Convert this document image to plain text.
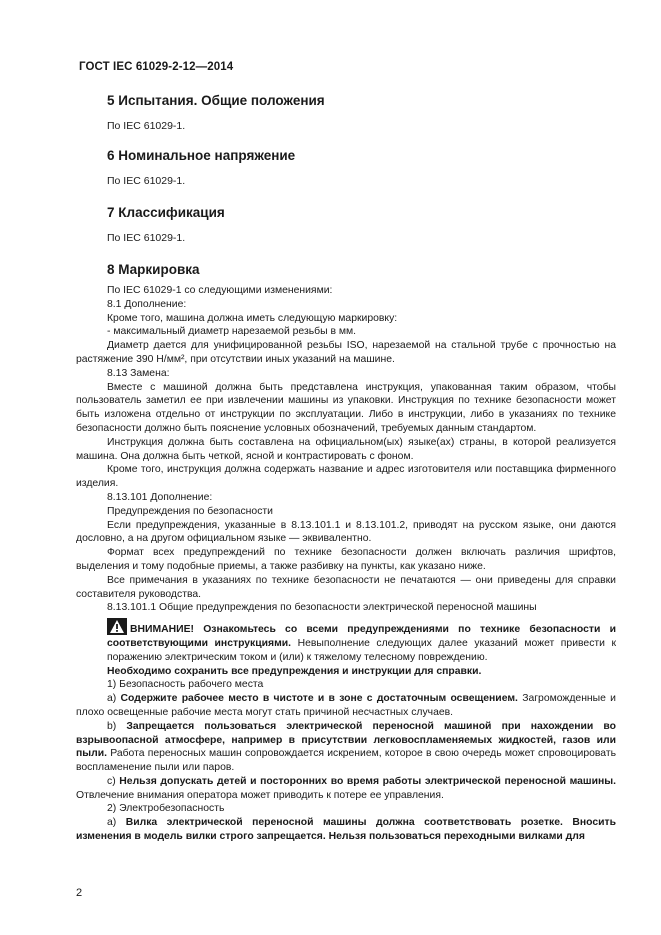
ГОСТ IEC 61029-2-12—2014
5 Испытания. Общие положения
По IEC 61029-1.
6 Номинальное напряжение
По IEC 61029-1.
7 Классификация
По IEC 61029-1.
8 Маркировка

По IEC 61029-1 со следующими изменениями:

8.1 Дополнение:

Кроме того, машина должна иметь следующую маркировку:

- максимальный диаметр нарезаемой резьбы в мм.

Диаметр дается для унифицированной резьбы ISO, нарезаемой на стальной трубе с прочностью на растяжение 390 Н/мм², при отсутствии иных указаний на машине.

8.13 Замена:

Вместе с машиной должна быть представлена инструкция, упакованная таким образом, чтобы пользователь заметил ее при извлечении машины из упаковки. Инструкция по технике безопасности может быть изложена отдельно от инструкции по эксплуатации. Либо в инструкции, либо в указаниях по технике безопасности должно быть пояснение условных обозначений, требуемых данным стандартом.

Инструкция должна быть составлена на официальном(ых) языке(ах) страны, в которой реализуется машина. Она должна быть четкой, ясной и контрастировать с фоном.

Кроме того, инструкция должна содержать название и адрес изготовителя или поставщика фирменного изделия.

8.13.101 Дополнение:

Предупреждения по безопасности

Если предупреждения, указанные в 8.13.101.1 и 8.13.101.2, приводят на русском языке, они даются дословно, а на другом официальном языке — эквивалентно.

Формат всех предупреждений по технике безопасности должен включать различия шрифтов, выделения и тому подобные приемы, а также разбивку на пункты, как указано ниже.

Все примечания в указаниях по технике безопасности не печатаются — они приведены для справки составителя руководства.

8.13.101.1 Общие предупреждения по безопасности электрической переносной машины

ВНИМАНИЕ! Ознакомьтесь со всеми предупреждениями по технике безопасности и соответствующими инструкциями. Невыполнение следующих далее указаний может привести к поражению электрическим током и (или) к тяжелому телесному повреждению.

Необходимо сохранить все предупреждения и инструкции для справки.

1) Безопасность рабочего места

a) Содержите рабочее место в чистоте и в зоне с достаточным освещением. Загроможденные и плохо освещенные рабочие места могут стать причиной несчастных случаев.

b) Запрещается пользоваться электрической переносной машиной при нахождении во взрывоопасной атмосфере, например в присутствии легковоспламеняемых жидкостей, газов или пыли. Работа переносных машин сопровождается искрением, которое в свою очередь может спровоцировать воспламенение пыли или паров.

c) Нельзя допускать детей и посторонних во время работы электрической переносной машины. Отвлечение внимания оператора может приводить к потере ее управления.

2) Электробезопасность

a) Вилка электрической переносной машины должна соответствовать розетке. Вносить изменения в модель вилки строго запрещается. Нельзя пользоваться переходными вилками для

2
